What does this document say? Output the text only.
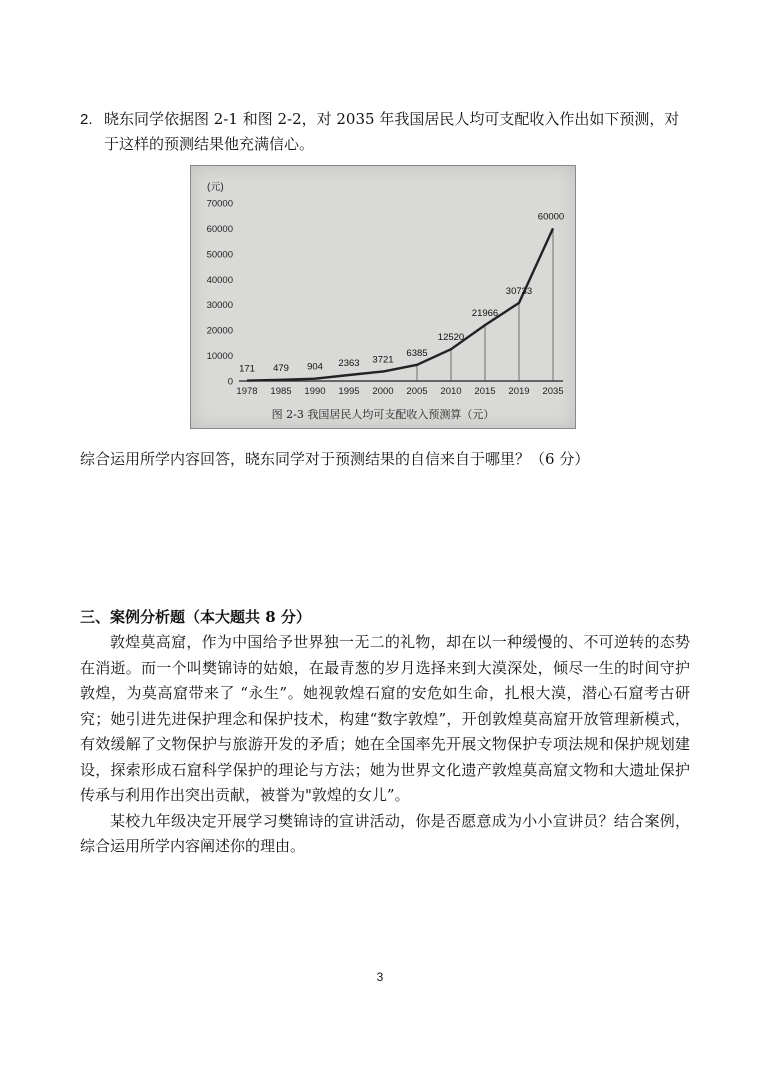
2. 晓东同学依据图 2-1 和图 2-2，对 2035 年我国居民人均可支配收入作出如下预测，对于这样的预测结果他充满信心。
(元)
0
10000
20000
30000
40000
50000
60000
70000
171 479 904 2363 3721
6385
12520
21966
30733
60000
1978 1985 1990 1995 2000 2005 2010 2015 2019 2035
图 2-3 我国居民人均可支配收入预测算（元）
综合运用所学内容回答，晓东同学对于预测结果的自信来自于哪里？（6 分）
三、案例分析题（本大题共 8 分）

敦煌莫高窟，作为中国给予世界独一无二的礼物，却在以一种缓慢的、不可逆转的态势在消逝。而一个叫樊锦诗的姑娘，在最青葱的岁月选择来到大漠深处，倾尽一生的时间守护敦煌，为莫高窟带来了 “永生”。她视敦煌石窟的安危如生命，扎根大漠，潜心石窟考古研 究；她引进先进保护理念和保护技术，构建“数字敦煌”，开创敦煌莫高窟开放管理新模式，有效缓解了文物保护与旅游开发的矛盾；她在全国率先开展文物保护专项法规和保护规划建 设，探索形成石窟科学保护的理论与方法；她为世界文化遗产敦煌莫高窟文物和大遗址保护 传承与利用作出突出贡献，被誉为"敦煌的女儿”。

某校九年级决定开展学习樊锦诗的宣讲活动，你是否愿意成为小小宣讲员？结合案例，综合运用所学内容阐述你的理由。

3
